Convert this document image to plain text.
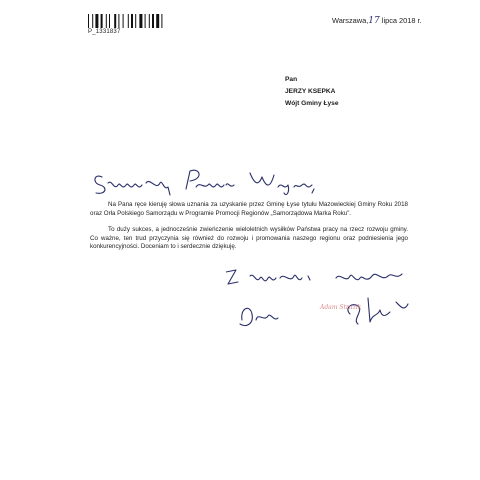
P_1331837
Warszawa,17 lipca 2018 r.
Pan
JERZY KSEPKA
Wójt Gminy Łyse
Szanowny Panie Wójcie,

Na Pana ręce kieruję słowa uznania za uzyskanie przez Gminę Łyse tytułu Mazowieckiej Gminy Roku 2018 oraz Orła Polskiego Samorządu w Programie Promocji Regionów „Samorządowa Marka Roku”.

To duży sukces, a jednocześnie zwieńczenie wieloletnich wysiłków Państwa pracy na rzecz rozwoju gminy. Co ważne, ten trud przyczynia się również do rozwoju i promowania naszego regionu oraz podniesienia jego konkurencyjności. Doceniam to i serdecznie dziękuję.

Adam Struzik
